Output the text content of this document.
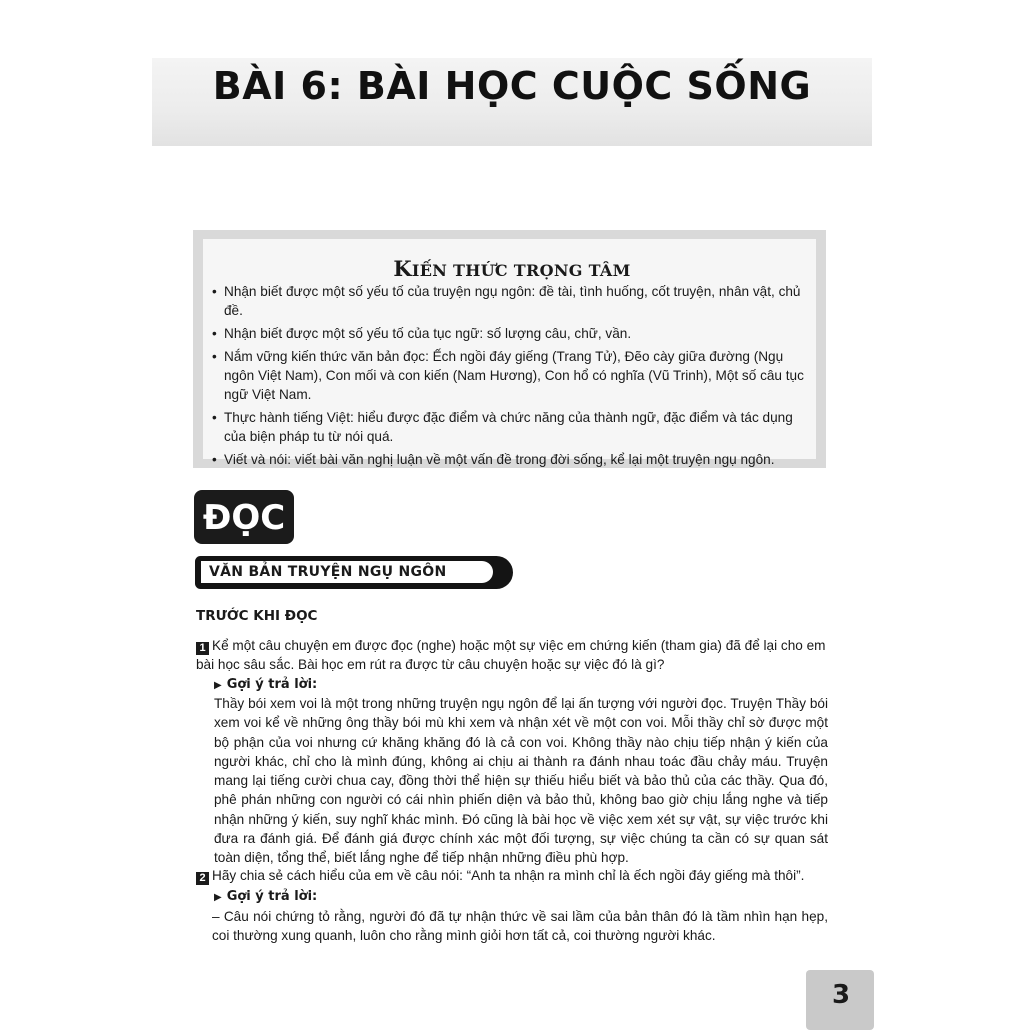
BÀI 6: BÀI HỌC CUỘC SỐNG
KIẾN THỨC TRỌNG TÂM
• Nhận biết được một số yếu tố của truyện ngụ ngôn: đề tài, tình huống, cốt truyện, nhân vật, chủ đề.
• Nhận biết được một số yếu tố của tục ngữ: số lượng câu, chữ, vần.
• Nắm vững kiến thức văn bản đọc: Ếch ngồi đáy giếng (Trang Tử), Đẽo cày giữa đường (Ngụ ngôn Việt Nam), Con mối và con kiến (Nam Hương), Con hổ có nghĩa (Vũ Trinh), Một số câu tục ngữ Việt Nam.
• Thực hành tiếng Việt: hiểu được đặc điểm và chức năng của thành ngữ, đặc điểm và tác dụng của biện pháp tu từ nói quá.
• Viết và nói: viết bài văn nghị luận về một vấn đề trong đời sống, kể lại một truyện ngụ ngôn.
ĐỌC
VĂN BẢN TRUYỆN NGỤ NGÔN
TRƯỚC KHI ĐỌC
1 Kể một câu chuyện em được đọc (nghe) hoặc một sự việc em chứng kiến (tham gia) đã để lại cho em bài học sâu sắc. Bài học em rút ra được từ câu chuyện hoặc sự việc đó là gì?
▶ Gợi ý trả lời:
Thầy bói xem voi là một trong những truyện ngụ ngôn để lại ấn tượng với người đọc. Truyện Thầy bói xem voi kể về những ông thầy bói mù khi xem và nhận xét về một con voi. Mỗi thầy chỉ sờ được một bộ phận của voi nhưng cứ khăng khăng đó là cả con voi. Không thầy nào chịu tiếp nhận ý kiến của người khác, chỉ cho là mình đúng, không ai chịu ai thành ra đánh nhau toác đầu chảy máu. Truyện mang lại tiếng cười chua cay, đồng thời thể hiện sự thiếu hiểu biết và bảo thủ của các thầy. Qua đó, phê phán những con người có cái nhìn phiến diện và bảo thủ, không bao giờ chịu lắng nghe và tiếp nhận những ý kiến, suy nghĩ khác mình. Đó cũng là bài học về việc xem xét sự vật, sự việc trước khi đưa ra đánh giá. Để đánh giá được chính xác một đối tượng, sự việc chúng ta cần có sự quan sát toàn diện, tổng thể, biết lắng nghe để tiếp nhận những điều phù hợp.
2 Hãy chia sẻ cách hiểu của em về câu nói: “Anh ta nhận ra mình chỉ là ếch ngồi đáy giếng mà thôi”.
▶ Gợi ý trả lời:
– Câu nói chứng tỏ rằng, người đó đã tự nhận thức về sai lầm của bản thân đó là tầm nhìn hạn hẹp, coi thường xung quanh, luôn cho rằng mình giỏi hơn tất cả, coi thường người khác.
3
